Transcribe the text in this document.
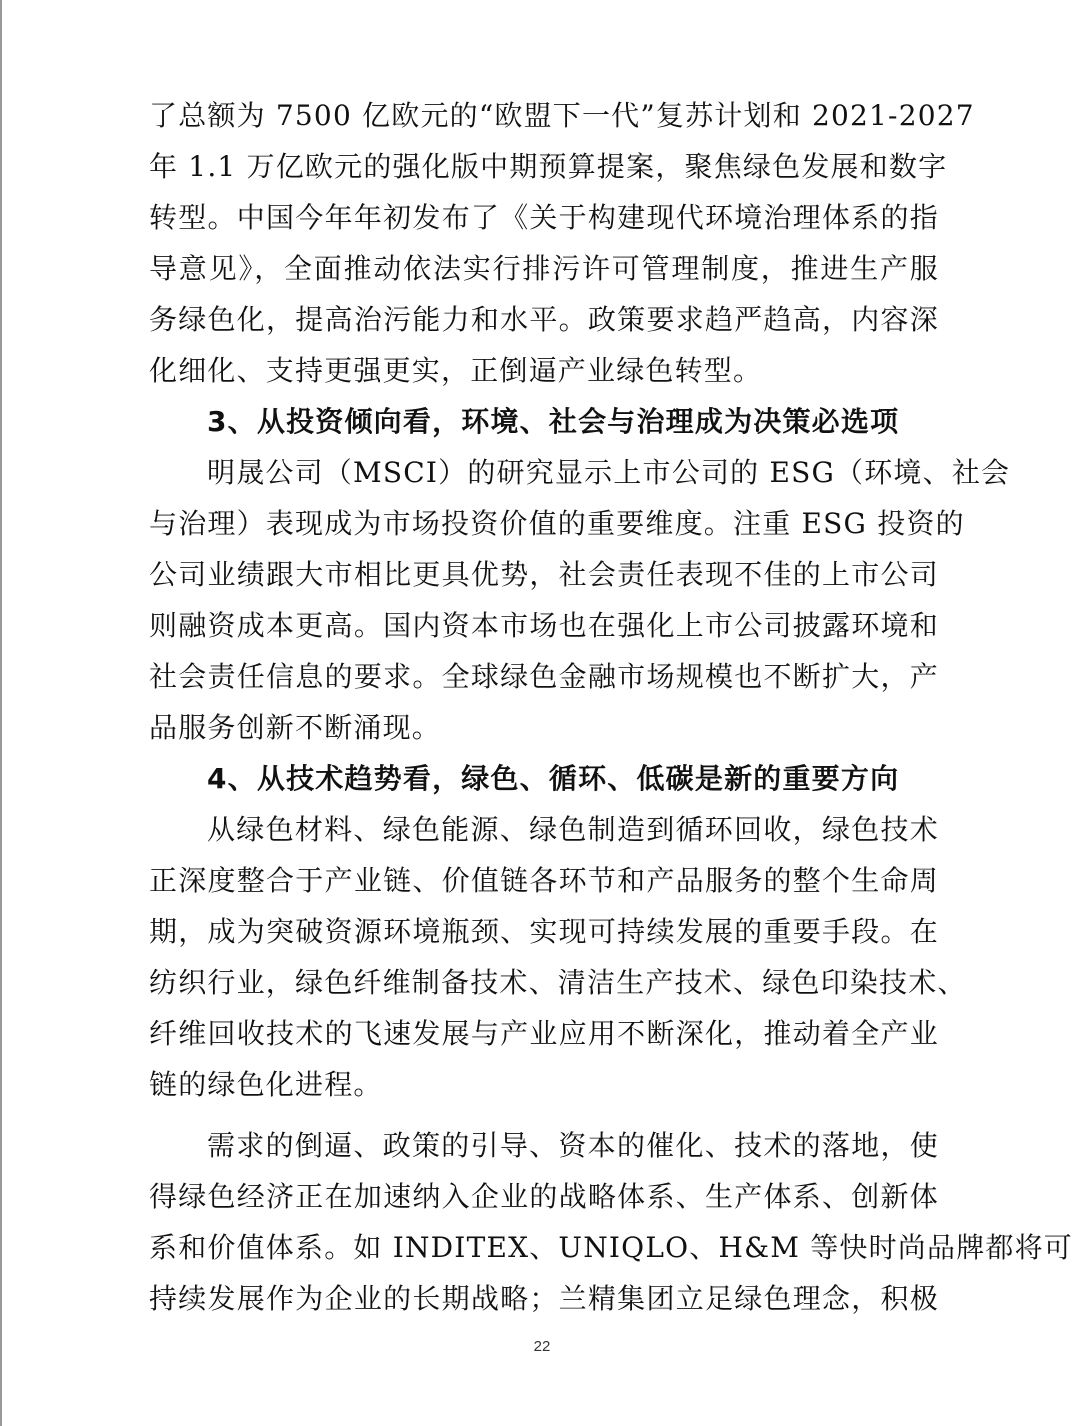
了总额为 7500 亿欧元的“欧盟下一代”复苏计划和 2021-2027
年 1.1 万亿欧元的强化版中期预算提案，聚焦绿色发展和数字
转型。中国今年年初发布了《关于构建现代环境治理体系的指
导意见》，全面推动依法实行排污许可管理制度，推进生产服
务绿色化，提高治污能力和水平。政策要求趋严趋高，内容深
化细化、支持更强更实，正倒逼产业绿色转型。
3、从投资倾向看，环境、社会与治理成为决策必选项
明晟公司（MSCI）的研究显示上市公司的 ESG（环境、社会
与治理）表现成为市场投资价值的重要维度。注重 ESG 投资的
公司业绩跟大市相比更具优势，社会责任表现不佳的上市公司
则融资成本更高。国内资本市场也在强化上市公司披露环境和
社会责任信息的要求。全球绿色金融市场规模也不断扩大，产
品服务创新不断涌现。
4、从技术趋势看，绿色、循环、低碳是新的重要方向
从绿色材料、绿色能源、绿色制造到循环回收，绿色技术
正深度整合于产业链、价值链各环节和产品服务的整个生命周
期，成为突破资源环境瓶颈、实现可持续发展的重要手段。在
纺织行业，绿色纤维制备技术、清洁生产技术、绿色印染技术、
纤维回收技术的飞速发展与产业应用不断深化，推动着全产业
链的绿色化进程。
需求的倒逼、政策的引导、资本的催化、技术的落地，使
得绿色经济正在加速纳入企业的战略体系、生产体系、创新体
系和价值体系。如 INDITEX、UNIQLO、H&M 等快时尚品牌都将可
持续发展作为企业的长期战略；兰精集团立足绿色理念，积极
22
